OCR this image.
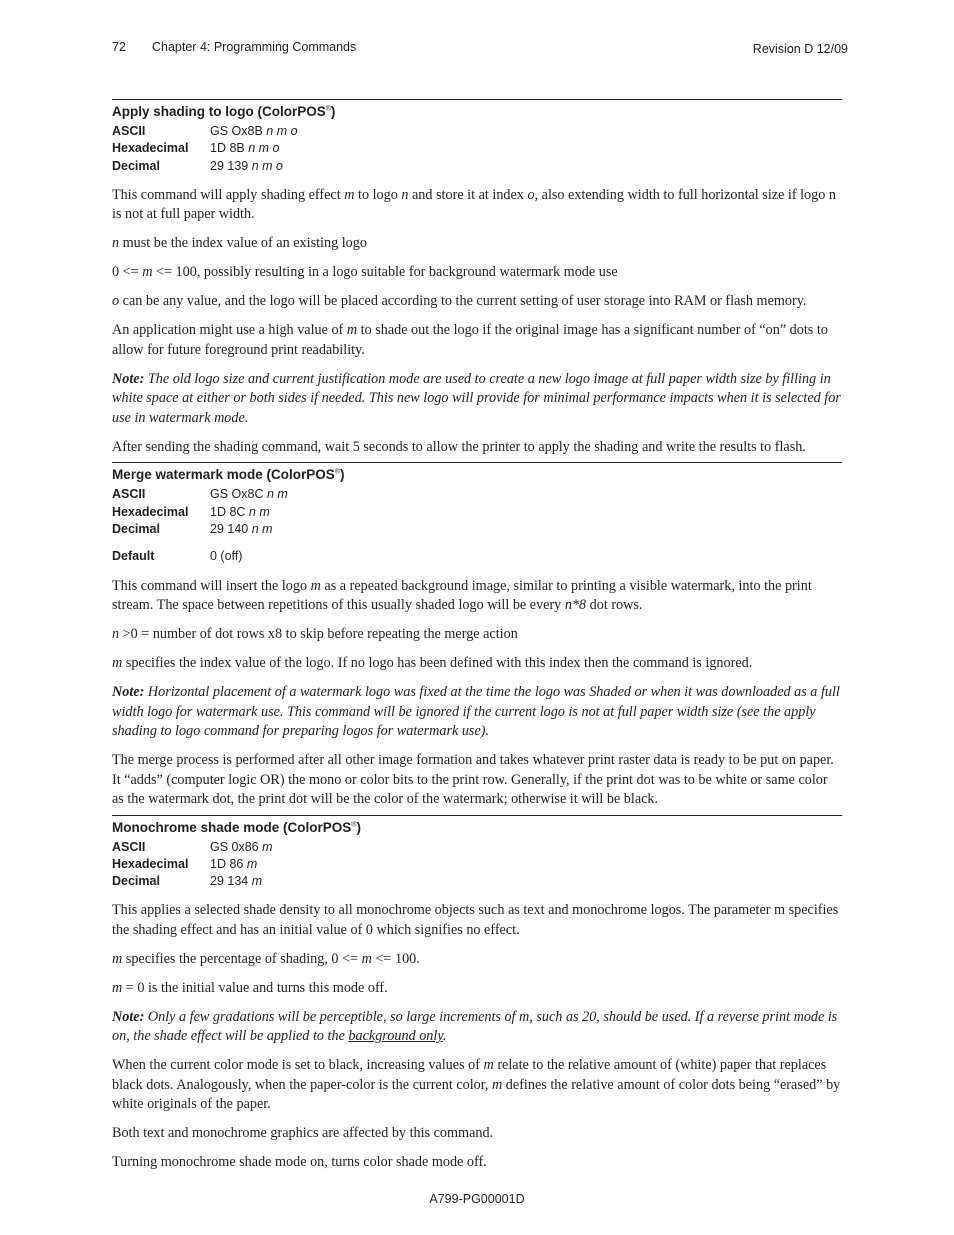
72 Chapter 4: Programming Commands	Revision D 12/09
Apply shading to logo (ColorPOS®)
ASCII	GS Ox8B n m o
Hexadecimal	1D 8B n m o
Decimal	29 139 n m o

This command will apply shading effect m to logo n and store it at index o, also extending width to full horizontal size if logo n is not at full paper width.

n must be the index value of an existing logo

0 <= m <= 100, possibly resulting in a logo suitable for background watermark mode use

o can be any value, and the logo will be placed according to the current setting of user storage into RAM or flash memory.

An application might use a high value of m to shade out the logo if the original image has a significant number of “on” dots to allow for future foreground print readability.

Note: The old logo size and current justification mode are used to create a new logo image at full paper width size by filling in white space at either or both sides if needed. This new logo will provide for minimal performance impacts when it is selected for use in watermark mode.

After sending the shading command, wait 5 seconds to allow the printer to apply the shading and write the results to flash.

Merge watermark mode (ColorPOS®)
ASCII	GS Ox8C n m
Hexadecimal	1D 8C n m
Decimal	29 140 n m
Default	0 (off)

This command will insert the logo m as a repeated background image, similar to printing a visible watermark, into the print stream. The space between repetitions of this usually shaded logo will be every n*8 dot rows.

n >0 = number of dot rows x8 to skip before repeating the merge action

m specifies the index value of the logo. If no logo has been defined with this index then the command is ignored.

Note: Horizontal placement of a watermark logo was fixed at the time the logo was Shaded or when it was downloaded as a full width logo for watermark use. This command will be ignored if the current logo is not at full paper width size (see the apply shading to logo command for preparing logos for watermark use).

The merge process is performed after all other image formation and takes whatever print raster data is ready to be put on paper. It “adds” (computer logic OR) the mono or color bits to the print row. Generally, if the print dot was to be white or same color as the watermark dot, the print dot will be the color of the watermark; otherwise it will be black.

Monochrome shade mode (ColorPOS®)
ASCII	GS 0x86 m
Hexadecimal	1D 86 m
Decimal	29 134 m

This applies a selected shade density to all monochrome objects such as text and monochrome logos. The parameter m specifies the shading effect and has an initial value of 0 which signifies no effect.

m specifies the percentage of shading, 0 <= m <= 100.

m = 0 is the initial value and turns this mode off.

Note: Only a few gradations will be perceptible, so large increments of m, such as 20, should be used. If a reverse print mode is on, the shade effect will be applied to the background only.

When the current color mode is set to black, increasing values of m relate to the relative amount of (white) paper that replaces black dots. Analogously, when the paper-color is the current color, m defines the relative amount of color dots being “erased” by white originals of the paper.

Both text and monochrome graphics are affected by this command.

Turning monochrome shade mode on, turns color shade mode off.

A799-PG00001D
